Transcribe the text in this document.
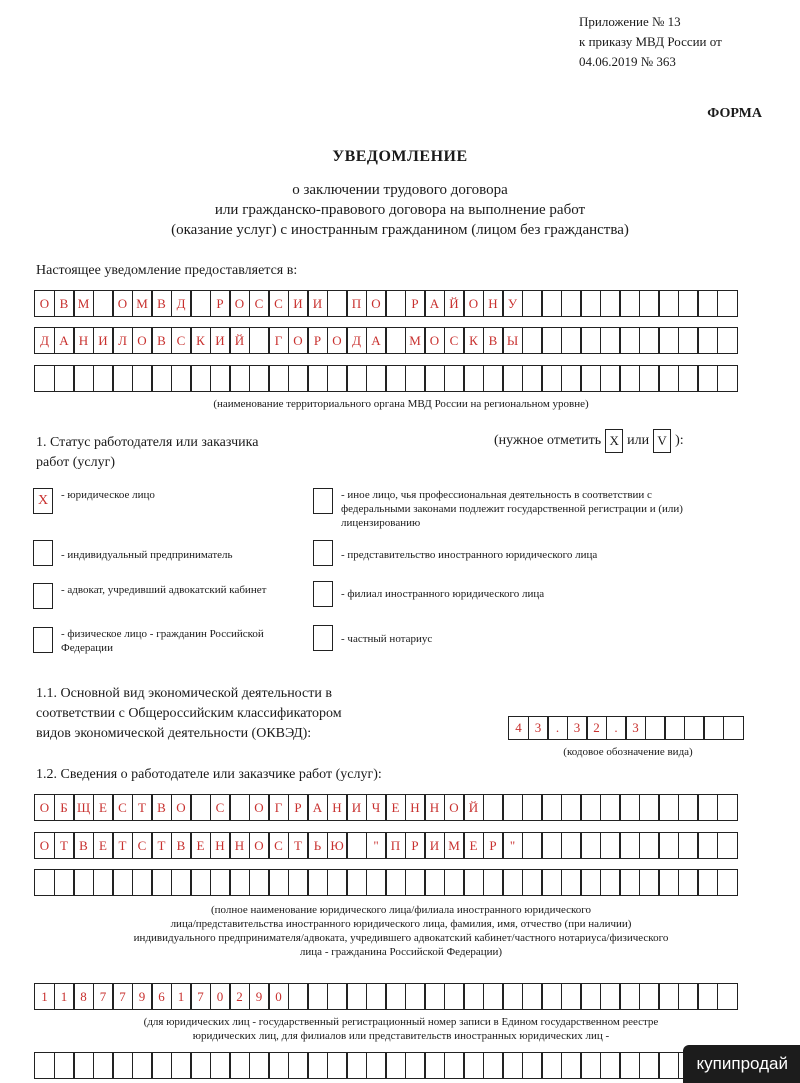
Приложение № 13
к приказу МВД России от
04.06.2019 № 363
ФОРМА
УВЕДОМЛЕНИЕ
о заключении трудового договора
или гражданско-правового договора на выполнение работ
(оказание услуг) с иностранным гражданином (лицом без гражданства)
Настоящее уведомление предоставляется в:
О В М	О М В Д	Р О С С И И	П О	Р А Й О Н У
Д А Н И Л О В С К И Й	Г О Р О Д А	М О С К В Ы
(наименование территориального органа МВД России на региональном уровне)
1. Статус работодателя или заказчика
работ (услуг)
(нужное отметить X или V ):
X	- юридическое лицо
- индивидуальный предприниматель
- адвокат, учредивший адвокатский кабинет
- физическое лицо - гражданин Российской Федерации
- иное лицо, чья профессиональная деятельность в соответствии с федеральными законами подлежит государственной регистрации и (или) лицензированию
- представительство иностранного юридического лица
- филиал иностранного юридического лица
- частный нотариус
1.1. Основной вид экономической деятельности в
соответствии с Общероссийским классификатором
видов экономической деятельности (ОКВЭД):	4	3	.	3	2	.	3
(кодовое обозначение вида)
1.2. Сведения о работодателе или заказчике работ (услуг):
О Б Щ Е С Т В О	С	О Г Р А Н И Ч Е Н Н О Й
О Т В Е Т С Т В Е Н Н О С Т Ь Ю	" П Р И М Е Р	"
(полное наименование юридического лица/филиала иностранного юридического
лица/представительства иностранного юридического лица, фамилия, имя, отчество (при наличии)
индивидуального предпринимателя/адвоката, учредившего адвокатский кабинет/частного нотариуса/физического
лица - гражданина Российской Федерации)
1	1	8	7	7	9	6	1	7	0	2	9	0
(для юридических лиц - государственный регистрационный номер записи в Едином государственном реестре
юридических лиц, для филиалов или представительств иностранных юридических лиц -
купипродай
